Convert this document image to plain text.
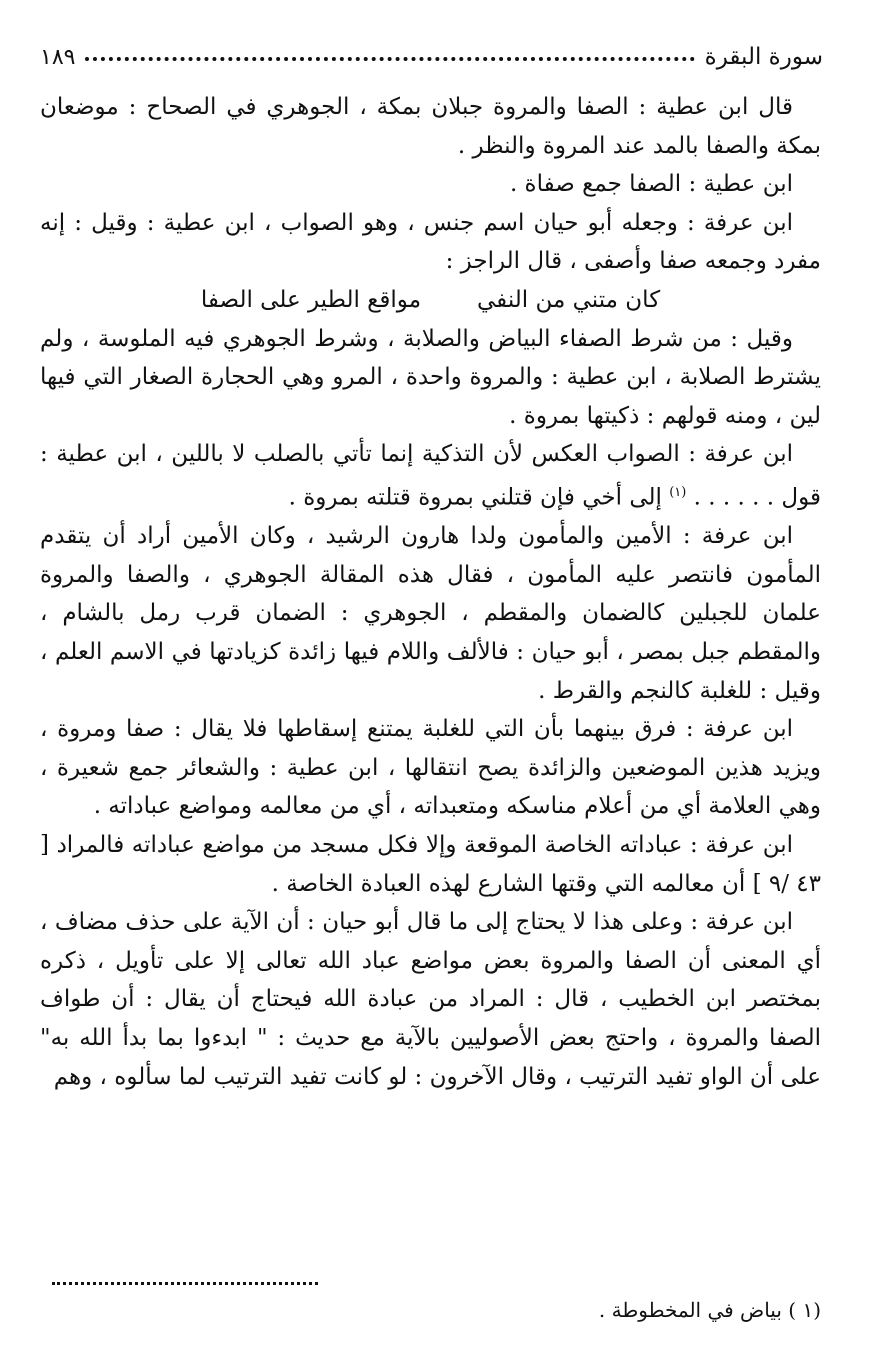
سورة البقرة
١٨٩

قال ابن عطية : الصفا والمروة جبلان بمكة ، الجوهري في الصحاح : موضعان بمكة والصفا بالمد عند المروة والنظر .

ابن عطية : الصفا جمع صفاة .

ابن عرفة : وجعله أبو حيان اسم جنس ، وهو الصواب ، ابن عطية : وقيل : إنه مفرد وجمعه صفا وأصفى ، قال الراجز :

كان متني من النفي
مواقع الطير على الصفا

وقيل : من شرط الصفاء البياض والصلابة ، وشرط الجوهري فيه الملوسة ، ولم يشترط الصلابة ، ابن عطية : والمروة واحدة ، المرو وهي الحجارة الصغار التي فيها لين ، ومنه قولهم : ذكيتها بمروة .

ابن عرفة : الصواب العكس لأن التذكية إنما تأتي بالصلب لا باللين ، ابن عطية : قول . . . . . . $^{(١)}$ إلى أخي فإن قتلني بمروة قتلته بمروة .

ابن عرفة : الأمين والمأمون ولدا هارون الرشيد ، وكان الأمين أراد أن يتقدم المأمون فانتصر عليه المأمون ، فقال هذه المقالة الجوهري ، والصفا والمروة علمان للجبلين كالضمان والمقطم ، الجوهري : الضمان قرب رمل بالشام ، والمقطم جبل بمصر ، أبو حيان : فالألف واللام فيها زائدة كزيادتها في الاسم العلم ، وقيل : للغلبة كالنجم والقرط .

ابن عرفة : فرق بينهما بأن التي للغلبة يمتنع إسقاطها فلا يقال : صفا ومروة ، ويزيد هذين الموضعين والزائدة يصح انتقالها ، ابن عطية : والشعائر جمع شعيرة ، وهي العلامة أي من أعلام مناسكه ومتعبداته ، أي من معالمه ومواضع عباداته .

ابن عرفة : عباداته الخاصة الموقعة وإلا فكل مسجد من مواضع عباداته فالمراد [ ٤٣ /٩ ] أن معالمه التي وقتها الشارع لهذه العبادة الخاصة .

ابن عرفة : وعلى هذا لا يحتاج إلى ما قال أبو حيان : أن الآية على حذف مضاف ، أي المعنى أن الصفا والمروة بعض مواضع عباد الله تعالى إلا على تأويل ، ذكره بمختصر ابن الخطيب ، قال : المراد من عبادة الله فيحتاج أن يقال : أن طواف الصفا والمروة ، واحتج بعض الأصوليين بالآية مع حديث : " ابدءوا بما بدأ الله به" على أن الواو تفيد الترتيب ، وقال الآخرون : لو كانت تفيد الترتيب لما سألوه ، وهم

(١ ) بياض في المخطوطة .
